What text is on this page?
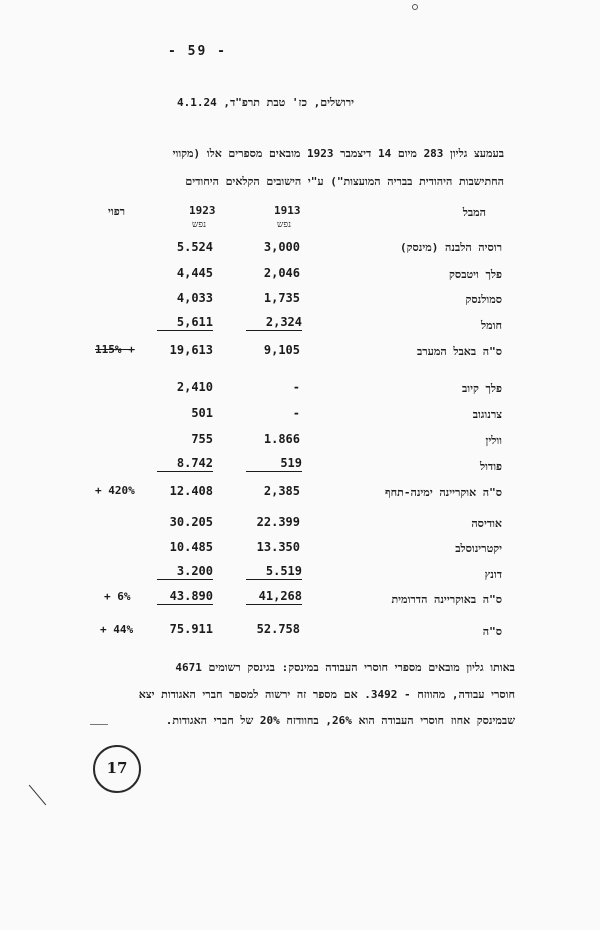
- 59 -
ירושלים, כז' טבת תרפ"ד, 4.1.24
בעמעצ גליון 283 מיום 14 דיצמבר 1923 מובאים מספרים אלו (מקווי
החתישבות היהודית בבריה המועצות") ע"י הישובים הקלאים היחודים
המבל
1913
נפש
1923
נפש
רפוי
רוסיה הלבנה (מינסק)
3,000
5.524
פלך ויטבסק
2,046
4,445
סמולנסק
1,735
4,033
חומל
2,324
5,611
ס"ה באבל המערב
9,105
19,613
115% +
פלך קיוב
-
2,410
צרנוגוב
-
501
וולין
1.866
755
פודול
519
8.742
ס"ה אוקריינה ימינה-תחף
2,385
12.408
+ 420%
אודיסה
22.399
30.205
יקטרינוסלב
13.350
10.485
דונץ
5.519
3.200
ס"ה באוקריינה הדרומית
41,268
43.890
+ 6%
ס"ה
52.758
75.911
+ 44%
באותו גליון מובאים מספרי חוסרי העבודה במינסק: בגינסק רשומים 4671
חוסרי עבודה, מהווזח - 3492. אם מספר זה ירשוה למספר חברי האגודות יצא
שבמינסק אחוז חוסרי העבודה הוא 26%, בחוודזח 20% של חברי האגודות.
17
